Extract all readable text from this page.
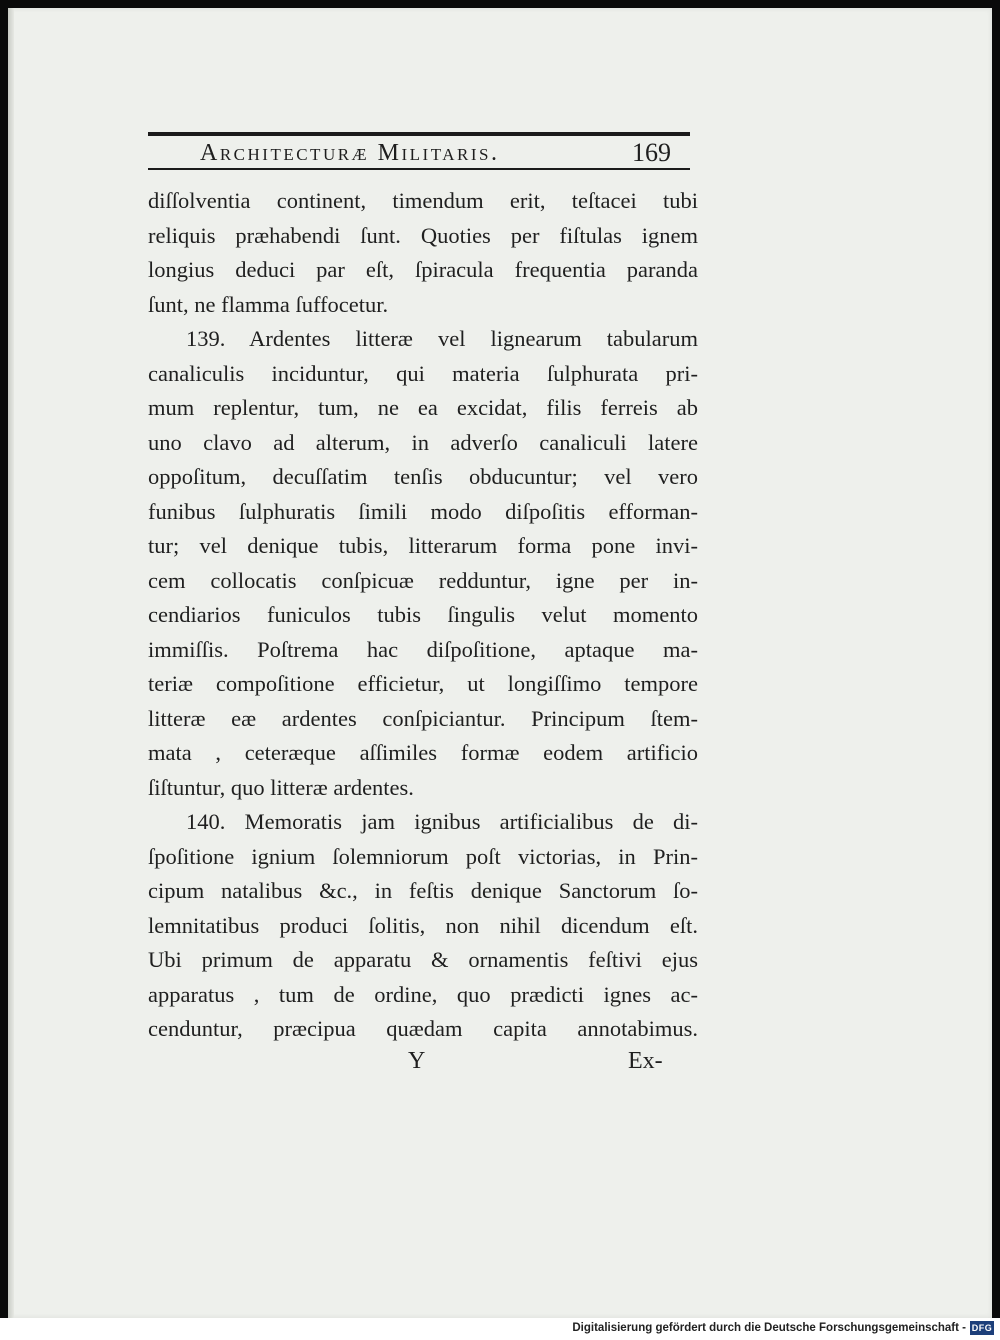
Architecturæ Militaris.	169
diſſolventia continent, timendum erit, teſtacei tubi
reliquis præhabendi ſunt. Quoties per fiſtulas ignem
longius deduci par eſt, ſpiracula frequentia paranda
ſunt, ne flamma ſuffocetur.
139. Ardentes litteræ vel lignearum tabularum
canaliculis inciduntur, qui materia ſulphurata pri-
mum replentur, tum, ne ea excidat, filis ferreis ab
uno clavo ad alterum, in adverſo canaliculi latere
oppoſitum, decuſſatim tenſis obducuntur; vel vero
funibus ſulphuratis ſimili modo diſpoſitis efforman-
tur; vel denique tubis, litterarum forma pone invi-
cem collocatis conſpicuæ redduntur, igne per in-
cendiarios funiculos tubis ſingulis velut momento
immiſſis. Poſtrema hac diſpoſitione, aptaque ma-
teriæ compoſitione efficietur, ut longiſſimo tempore
litteræ eæ ardentes conſpiciantur. Principum ſtem-
mata , ceteræque aſſimiles formæ eodem artificio
ſiſtuntur, quo litteræ ardentes.
140. Memoratis jam ignibus artificialibus de di-
ſpoſitione ignium ſolemniorum poſt victorias, in Prin-
cipum natalibus &c., in feſtis denique Sanctorum ſo-
lemnitatibus produci ſolitis, non nihil dicendum eſt.
Ubi primum de apparatu & ornamentis feſtivi ejus
apparatus , tum de ordine, quo prædicti ignes ac-
cenduntur, præcipua quædam capita annotabimus.
Y	Ex-
Digitalisierung gefördert durch die Deutsche Forschungsgemeinschaft - DFG
